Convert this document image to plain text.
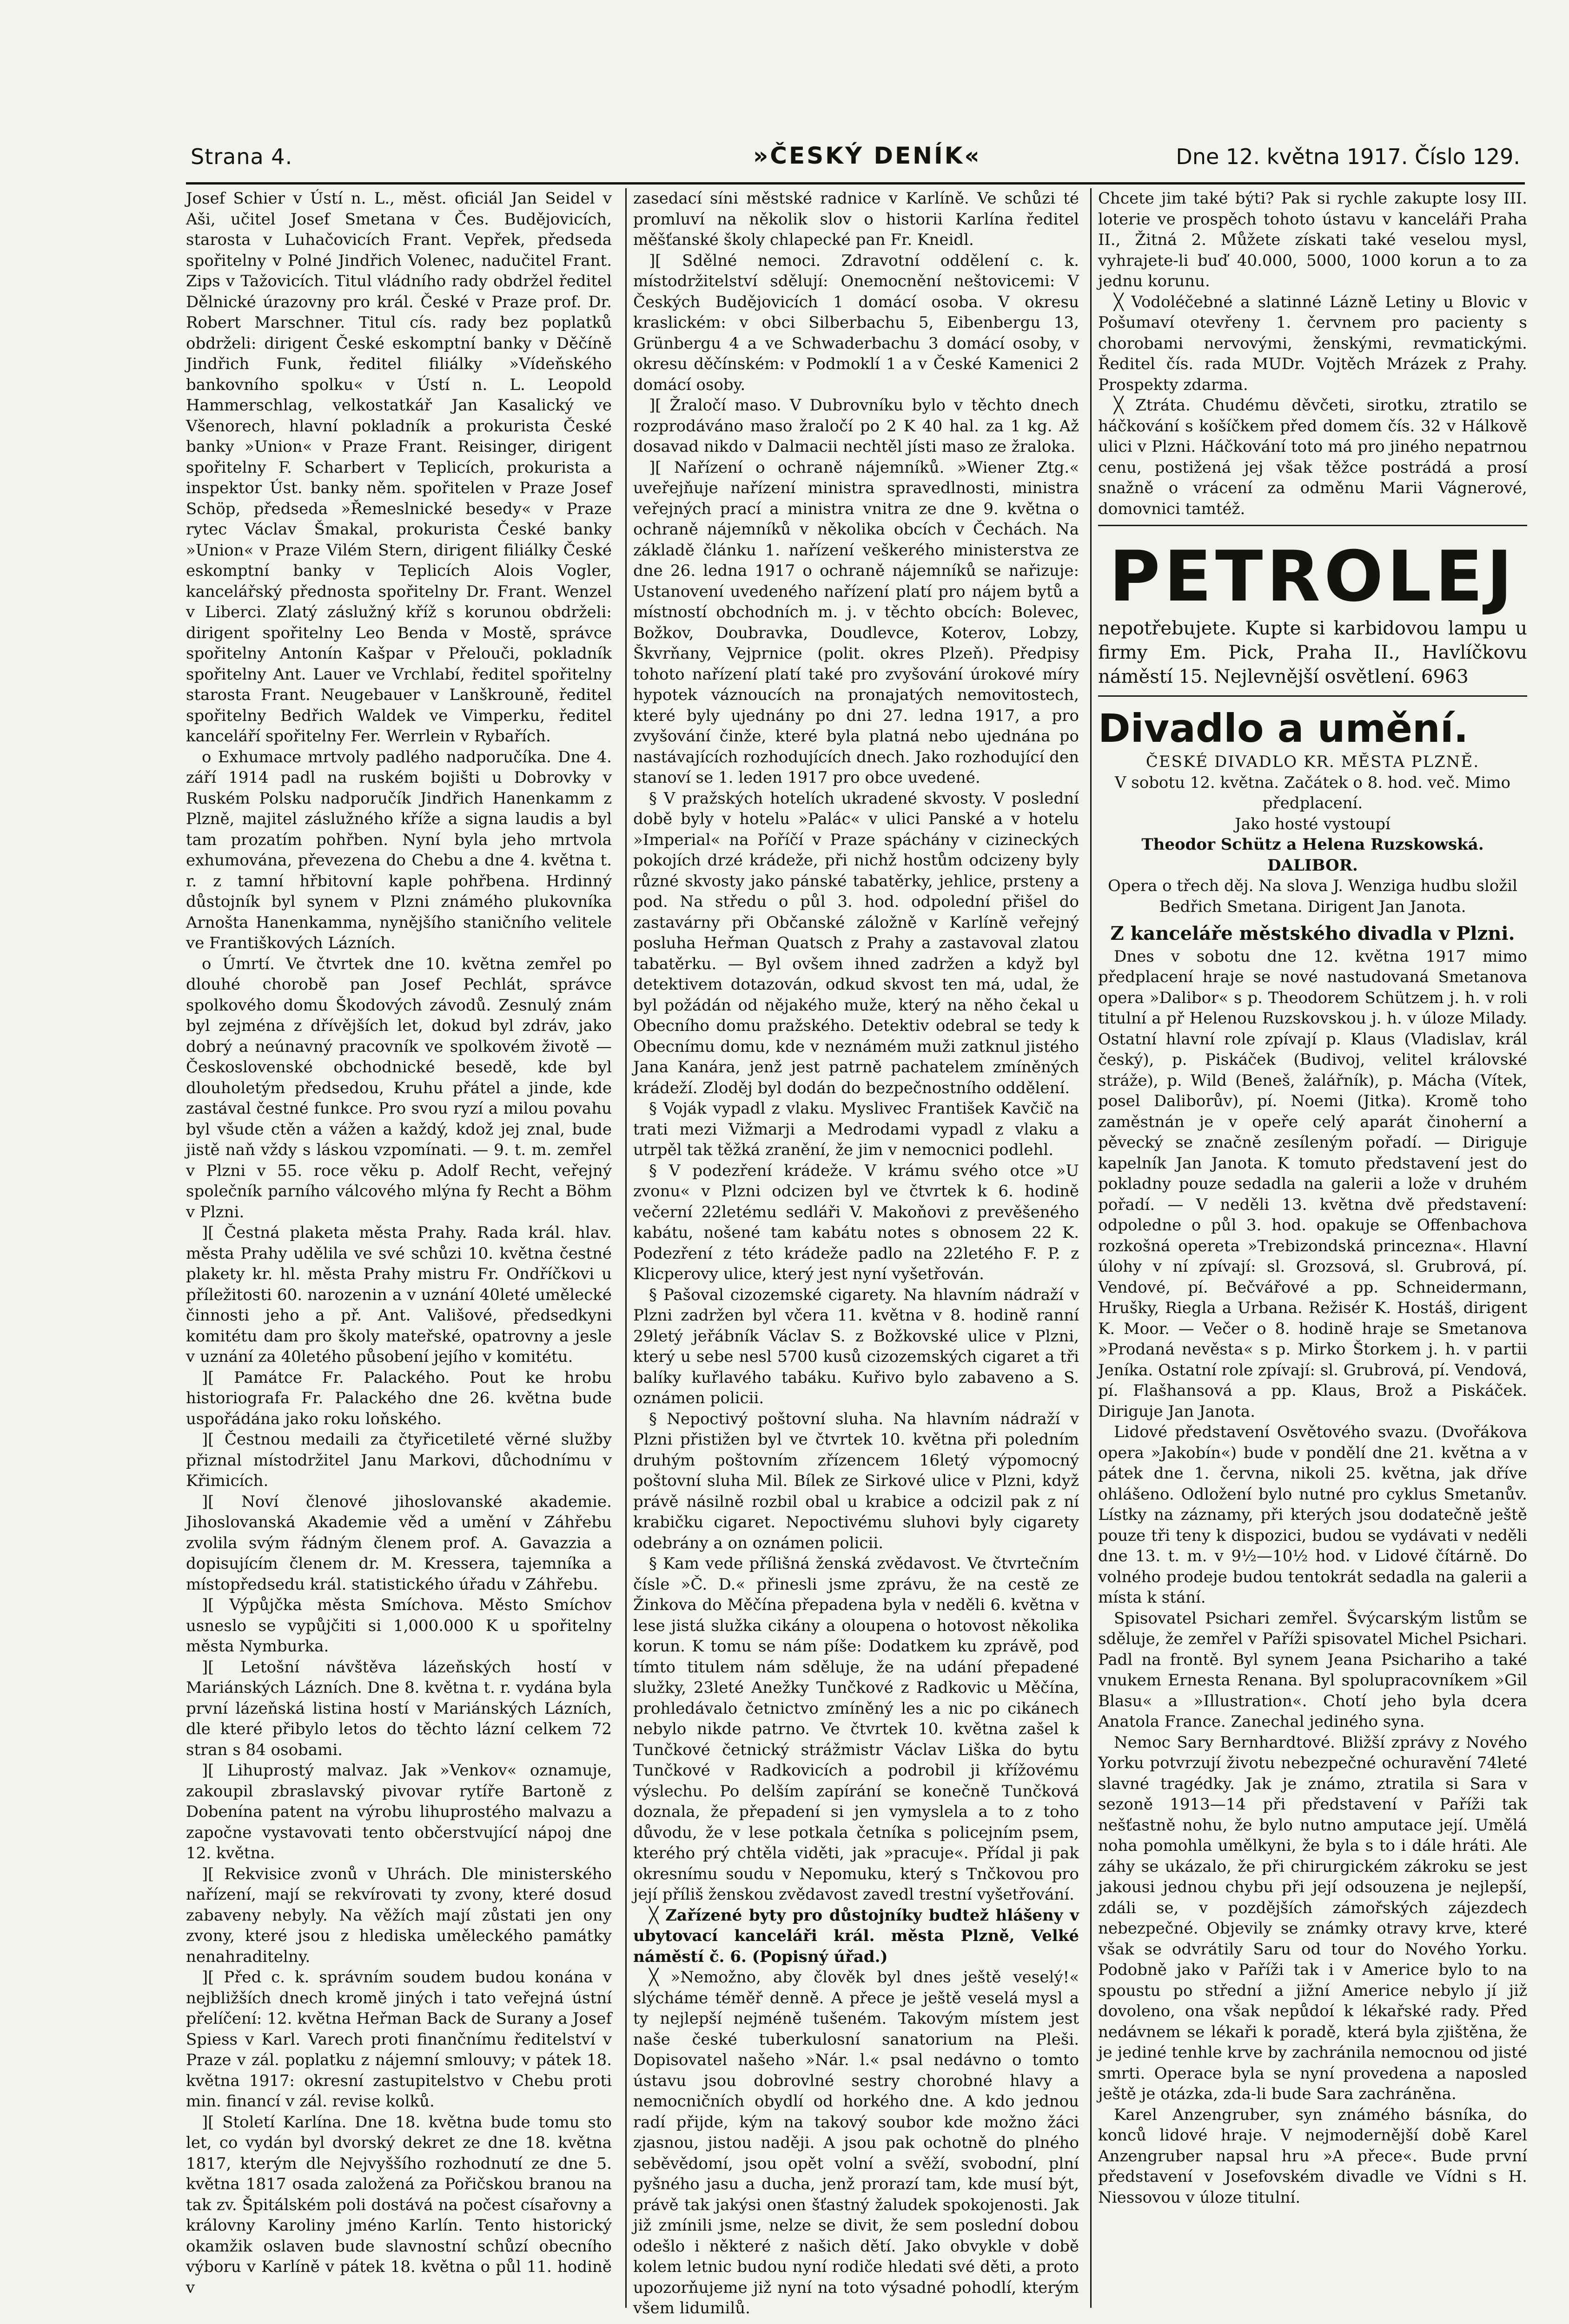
Strana 4.	»ČESKÝ DENÍK«	Dne 12. května 1917. Číslo 129.

Josef Schier v Ústí n. L., měst. oficiál Jan Seidel v Aši, učitel Josef Smetana v Čes. Budějovicích, starosta v Luhačovicích Frant. Vepřek, předseda spořitelny v Polné Jindřich Volenec, nadučitel Frant. Zips v Tažovicích. Titul vládního rady obdržel ředitel Dělnické úrazovny pro král. České v Praze prof. Dr. Robert Marschner. Titul cís. rady bez poplatků obdrželi: dirigent České eskomptní banky v Děčíně Jindřich Funk, ředitel filiálky »Vídeňského bankovního spolku« v Ústí n. L. Leopold Hammerschlag, velkostatkář Jan Kasalický ve Všenorech, hlavní pokladník a prokurista České banky »Union« v Praze Frant. Reisinger, dirigent spořitelny F. Scharbert v Teplicích, prokurista a inspektor Úst. banky něm. spořitelen v Praze Josef Schöp, předseda »Řemeslnické besedy« v Praze rytec Václav Šmakal, prokurista České banky »Union« v Praze Vilém Stern, dirigent filiálky České eskomptní banky v Teplicích Alois Vogler, kancelářský přednosta spořitelny Dr. Frant. Wenzel v Liberci. Zlatý záslužný kříž s korunou obdrželi: dirigent spořitelny Leo Benda v Mostě, správce spořitelny Antonín Kašpar v Přelouči, pokladník spořitelny Ant. Lauer ve Vrchlabí, ředitel spořitelny starosta Frant. Neugebauer v Lanškrouně, ředitel spořitelny Bedřich Waldek ve Vimperku, ředitel kanceláří spořitelny Fer. Werrlein v Rybařích.

o Exhumace mrtvoly padlého nadporučíka. Dne 4. září 1914 padl na ruském bojišti u Dobrovky v Ruském Polsku nadporučík Jindřich Hanenkamm z Plzně, majitel záslužného kříže a signa laudis a byl tam prozatím pohřben. Nyní byla jeho mrtvola exhumována, převezena do Chebu a dne 4. května t. r. z tamní hřbitovní kaple pohřbena. Hrdinný důstojník byl synem v Plzni známého plukovníka Arnošta Hanenkamma, nynějšího staničního velitele ve Františkových Lázních.

o Úmrtí. Ve čtvrtek dne 10. května zemřel po dlouhé chorobě pan Josef Pechlát, správce spolkového domu Škodových závodů. Zesnulý znám byl zejména z dřívějších let, dokud byl zdráv, jako dobrý a neúnavný pracovník ve spolkovém životě — Československé obchodnické besedě, kde byl dlouholetým předsedou, Kruhu přátel a jinde, kde zastával čestné funkce. Pro svou ryzí a milou povahu byl všude ctěn a vážen a každý, kdož jej znal, bude jistě naň vždy s láskou vzpomínati. — 9. t. m. zemřel v Plzni v 55. roce věku p. Adolf Recht, veřejný společník parního válcového mlýna fy Recht a Böhm v Plzni.

][ Čestná plaketa města Prahy. Rada král. hlav. města Prahy udělila ve své schůzi 10. května čestné plakety kr. hl. města Prahy mistru Fr. Ondříčkovi u příležitosti 60. narozenin a v uznání 40leté umělecké činnosti jeho a př. Ant. Vališové, předsedkyni komitétu dam pro školy mateřské, opatrovny a jesle v uznání za 40letého působení jejího v komitétu.

][ Památce Fr. Palackého. Pout ke hrobu historiografa Fr. Palackého dne 26. května bude uspořádána jako roku loňského.

][ Čestnou medaili za čtyřicetileté věrné služby přiznal místodržitel Janu Markovi, důchodnímu v Křimicích.

][ Noví členové jihoslovanské akademie. Jihoslovanská Akademie věd a umění v Záhřebu zvolila svým řádným členem prof. A. Gavazzia a dopisujícím členem dr. M. Kressera, tajemníka a místopředsedu král. statistického úřadu v Záhřebu.

][ Výpůjčka města Smíchova. Město Smíchov usneslo se vypůjčiti si 1,000.000 K u spořitelny města Nymburka.

][ Letošní návštěva lázeňských hostí v Mariánských Lázních. Dne 8. května t. r. vydána byla první lázeňská listina hostí v Mariánských Lázních, dle které přibylo letos do těchto lázní celkem 72 stran s 84 osobami.

][ Lihuprostý malvaz. Jak »Venkov« oznamuje, zakoupil zbraslavský pivovar rytíře Bartoně z Dobenína patent na výrobu lihuprostého malvazu a započne vystavovati tento občerstvující nápoj dne 12. května.

][ Rekvisice zvonů v Uhrách. Dle ministerského nařízení, mají se rekvírovati ty zvony, které dosud zabaveny nebyly. Na věžích mají zůstati jen ony zvony, které jsou z hlediska uměleckého památky nenahraditelny.

][ Před c. k. správním soudem budou konána v nejbližších dnech kromě jiných i tato veřejná ústní přelíčení: 12. května Heřman Back de Surany a Josef Spiess v Karl. Varech proti finančnímu ředitelství v Praze v zál. poplatku z nájemní smlouvy; v pátek 18. května 1917: okresní zastupitelstvo v Chebu proti min. financí v zál. revise kolků.

][ Století Karlína. Dne 18. května bude tomu sto let, co vydán byl dvorský dekret ze dne 18. května 1817, kterým dle Nejvyššího rozhodnutí ze dne 5. května 1817 osada založená za Pořičskou branou na tak zv. Špitálském poli dostává na počest císařovny a královny Karoliny jméno Karlín. Tento historický okamžik oslaven bude slavnostní schůzí obecního výboru v Karlíně v pátek 18. května o půl 11. hodině v

zasedací síni městské radnice v Karlíně. Ve schůzi té promluví na několik slov o historii Karlína ředitel měšťanské školy chlapecké pan Fr. Kneidl.

][ Sdělné nemoci. Zdravotní oddělení c. k. místodržitelství sdělují: Onemocnění neštovicemi: V Českých Budějovicích 1 domácí osoba. V okresu kraslickém: v obci Silberbachu 5, Eibenbergu 13, Grünbergu 4 a ve Schwaderbachu 3 domácí osoby, v okresu děčínském: v Podmoklí 1 a v České Kamenici 2 domácí osoby.

][ Žraločí maso. V Dubrovníku bylo v těchto dnech rozprodáváno maso žraločí po 2 K 40 hal. za 1 kg. Až dosavad nikdo v Dalmacii nechtěl jísti maso ze žraloka.

][ Nařízení o ochraně nájemníků. »Wiener Ztg.« uveřejňuje nařízení ministra spravedlnosti, ministra veřejných prací a ministra vnitra ze dne 9. května o ochraně nájemníků v několika obcích v Čechách. Na základě článku 1. nařízení veškerého ministerstva ze dne 26. ledna 1917 o ochraně nájemníků se nařizuje: Ustanovení uvedeného nařízení platí pro nájem bytů a místností obchodních m. j. v těchto obcích: Bolevec, Božkov, Doubravka, Doudlevce, Koterov, Lobzy, Škvrňany, Vejprnice (polit. okres Plzeň). Předpisy tohoto nařízení platí také pro zvyšování úrokové míry hypotek váznoucích na pronajatých nemovitostech, které byly ujednány po dni 27. ledna 1917, a pro zvyšování činže, které byla platná nebo ujednána po nastávajících rozhodujících dnech. Jako rozhodující den stanoví se 1. leden 1917 pro obce uvedené.

§ V pražských hotelích ukradené skvosty. V poslední době byly v hotelu »Palác« v ulici Panské a v hotelu »Imperial« na Poříčí v Praze spáchány v cizineckých pokojích drzé krádeže, při nichž hostům odcizeny byly různé skvosty jako pánské tabatěrky, jehlice, prsteny a pod. Na středu o půl 3. hod. odpolední přišel do zastavárny při Občanské záložně v Karlíně veřejný posluha Heřman Quatsch z Prahy a zastavoval zlatou tabatěrku. — Byl ovšem ihned zadržen a když byl detektivem dotazován, odkud skvost ten má, udal, že byl požádán od nějakého muže, který na něho čekal u Obecního domu pražského. Detektiv odebral se tedy k Obecnímu domu, kde v neznámém muži zatknul jistého Jana Kanára, jenž jest patrně pachatelem zmíněných krádeží. Zloděj byl dodán do bezpečnostního oddělení.

§ Voják vypadl z vlaku. Myslivec František Kavčič na trati mezi Vižmarji a Medrodami vypadl z vlaku a utrpěl tak těžká zranění, že jim v nemocnici podlehl.

§ V podezření krádeže. V krámu svého otce »U zvonu« v Plzni odcizen byl ve čtvrtek k 6. hodině večerní 22letému sedláři V. Makoňovi z prevěšeného kabátu, nošené tam kabátu notes s obnosem 22 K. Podezření z této krádeže padlo na 22letého F. P. z Klicperovy ulice, který jest nyní vyšetřován.

§ Pašoval cizozemské cigarety. Na hlavním nádraží v Plzni zadržen byl včera 11. května v 8. hodině ranní 29letý jeřábník Václav S. z Božkovské ulice v Plzni, který u sebe nesl 5700 kusů cizozemských cigaret a tři balíky kuřlavého tabáku. Kuřivo bylo zabaveno a S. oznámen policii.

§ Nepoctivý poštovní sluha. Na hlavním nádraží v Plzni přistižen byl ve čtvrtek 10. května při poledním druhým poštovním zřízencem 16letý výpomocný poštovní sluha Mil. Bílek ze Sirkové ulice v Plzni, když právě násilně rozbil obal u krabice a odcizil pak z ní krabičku cigaret. Nepoctivému sluhovi byly cigarety odebrány a on oznámen policii.

§ Kam vede přílišná ženská zvědavost. Ve čtvrtečním čísle »Č. D.« přinesli jsme zprávu, že na cestě ze Žinkova do Měčína přepadena byla v neděli 6. května v lese jistá služka cikány a oloupena o hotovost několika korun. K tomu se nám píše: Dodatkem ku zprávě, pod tímto titulem nám sděluje, že na udání přepadené služky, 23leté Anežky Tunčkové z Radkovic u Měčína, prohledávalo četnictvo zmíněný les a nic po cikánech nebylo nikde patrno. Ve čtvrtek 10. května zašel k Tunčkové četnický strážmistr Václav Liška do bytu Tunčkové v Radkovicích a podrobil ji křížovému výslechu. Po delším zapírání se konečně Tunčková doznala, že přepadení si jen vymyslela a to z toho důvodu, že v lese potkala četníka s policejním psem, kterého prý chtěla viděti, jak »pracuje«. Přídal ji pak okresnímu soudu v Nepomuku, který s Tnčkovou pro její příliš ženskou zvědavost zavedl trestní vyšetřování.

╳ Zařízené byty pro důstojníky budtež hlášeny v ubytovací kanceláři král. města Plzně, Velké náměstí č. 6. (Popisný úřad.)

╳ »Nemožno, aby člověk byl dnes ještě veselý!« slýcháme téměř denně. A přece je ještě veselá mysl a ty nejlepší nejméně tušeném. Takovým místem jest naše české tuberkulosní sanatorium na Pleši. Dopisovatel našeho »Nár. l.« psal nedávno o tomto ústavu jsou dobrovlné sestry chorobné hlavy a nemocničních obydlí od horkého dne. A kdo jednou radí přijde, kým na takový soubor kde možno žáci zjasnou, jistou naději. A jsou pak ochotně do plného seběvědomí, jsou opět volní a svěží, svobodní, plní pyšného jasu a ducha, jenž prorazí tam, kde musí být, právě tak jakýsi onen šťastný žaludek spokojenosti. Jak již zmínili jsme, nelze se divit, že sem poslední dobou odešlo i některé z našich dětí. Jako obvykle v době kolem letnic budou nyní rodiče hledati své děti, a proto upozorňujeme již nyní na toto výsadné pohodlí, kterým všem lidumilů.

Chcete jim také býti? Pak si rychle zakupte losy III. loterie ve prospěch tohoto ústavu v kanceláři Praha II., Žitná 2. Můžete získati také veselou mysl, vyhrajete-li buď 40.000, 5000, 1000 korun a to za jednu korunu.

╳ Vodoléčebné a slatinné Lázně Letiny u Blovic v Pošumaví otevřeny 1. červnem pro pacienty s chorobami nervovými, ženskými, revmatickými. Ředitel čís. rada MUDr. Vojtěch Mrázek z Prahy. Prospekty zdarma.

╳ Ztráta. Chudému děvčeti, sirotku, ztratilo se háčkování s košíčkem před domem čís. 32 v Hálkově ulici v Plzni. Háčkování toto má pro jiného nepatrnou cenu, postižená jej však těžce postrádá a prosí snažně o vrácení za odměnu Marii Vágnerové, domovnici tamtéž.

PETROLEJ
nepotřebujete. Kupte si karbidovou lampu u firmy Em. Pick, Praha II., Havlíčkovu náměstí 15. Nejlevnější osvětlení. 6963
Divadlo a umění.
ČESKÉ DIVADLO KR. MĚSTA PLZNĚ.
V sobotu 12. května. Začátek o 8. hod. več. Mimo předplacení.
Jako hosté vystoupí
Theodor Schütz a Helena Ruzskowská.
DALIBOR.
Opera o třech děj. Na slova J. Wenziga hudbu složil Bedřich Smetana. Dirigent Jan Janota.
Z kanceláře městského divadla v Plzni.

Dnes v sobotu dne 12. května 1917 mimo předplacení hraje se nové nastudovaná Smetanova opera »Dalibor« s p. Theodorem Schützem j. h. v roli titulní a př Helenou Ruzskovskou j. h. v úloze Milady. Ostatní hlavní role zpívají p. Klaus (Vladislav, král český), p. Piskáček (Budivoj, velitel královské stráže), p. Wild (Beneš, žalářník), p. Mácha (Vítek, posel Daliborův), pí. Noemi (Jitka). Kromě toho zaměstnán je v opeře celý aparát činoherní a pěvecký se značně zesíleným pořadí. — Diriguje kapelník Jan Janota. K tomuto představení jest do pokladny pouze sedadla na galerii a lože v druhém pořadí. — V neděli 13. května dvě představení: odpoledne o půl 3. hod. opakuje se Offenbachova rozkošná opereta »Trebizondská princezna«. Hlavní úlohy v ní zpívají: sl. Grozsová, sl. Grubrová, pí. Vendové, pí. Bečvářové a pp. Schneidermann, Hrušky, Riegla a Urbana. Režisér K. Hostáš, dirigent K. Moor. — Večer o 8. hodině hraje se Smetanova »Prodaná nevěsta« s p. Mirko Štorkem j. h. v partii Jeníka. Ostatní role zpívají: sl. Grubrová, pí. Vendová, pí. Flašhansová a pp. Klaus, Brož a Piskáček. Diriguje Jan Janota.

Lidové představení Osvětového svazu. (Dvořákova opera »Jakobín«) bude v pondělí dne 21. května a v pátek dne 1. června, nikoli 25. května, jak dříve ohlášeno. Odložení bylo nutné pro cyklus Smetanův. Lístky na záznamy, při kterých jsou dodatečně ještě pouze tři teny k dispozici, budou se vydávati v neděli dne 13. t. m. v 9½—10½ hod. v Lidové čítárně. Do volného prodeje budou tentokrát sedadla na galerii a místa k stání.

Spisovatel Psichari zemřel. Švýcarským listům se sděluje, že zemřel v Paříži spisovatel Michel Psichari. Padl na frontě. Byl synem Jeana Psichariho a také vnukem Ernesta Renana. Byl spolupracovníkem »Gil Blasu« a »Illustration«. Chotí jeho byla dcera Anatola France. Zanechal jediného syna.

Nemoc Sary Bernhardtové. Bližší zprávy z Nového Yorku potvrzují životu nebezpečné ochuravění 74leté slavné tragédky. Jak je známo, ztratila si Sara v sezoně 1913—14 při představení v Paříži tak nešťastně nohu, že bylo nutno amputace její. Umělá noha pomohla umělkyni, že byla s to i dále hráti. Ale záhy se ukázalo, že při chirurgickém zákroku se jest jakousi jednou chybu při její odsouzena je nejlepší, zdáli se, v pozdějších zámořských zájezdech nebezpečné. Objevily se známky otravy krve, které však se odvrátily Saru od tour do Nového Yorku. Podobně jako v Paříži tak i v Americe bylo to na spoustu po střední a jižní Americe nebylo jí již dovoleno, ona však nepůdoí k lékařské rady. Před nedávnem se lékaři k poradě, která byla zjištěna, že je jediné tenhle krve by zachránila nemocnou od jisté smrti. Operace byla se nyní provedena a naposled ještě je otázka, zda-li bude Sara zachráněna.

Karel Anzengruber, syn známého básníka, do konců lidové hraje. V nejmodernější době Karel Anzengruber napsal hru »A přece«. Bude první představení v Josefovském divadle ve Vídni s H. Niessovou v úloze titulní.
